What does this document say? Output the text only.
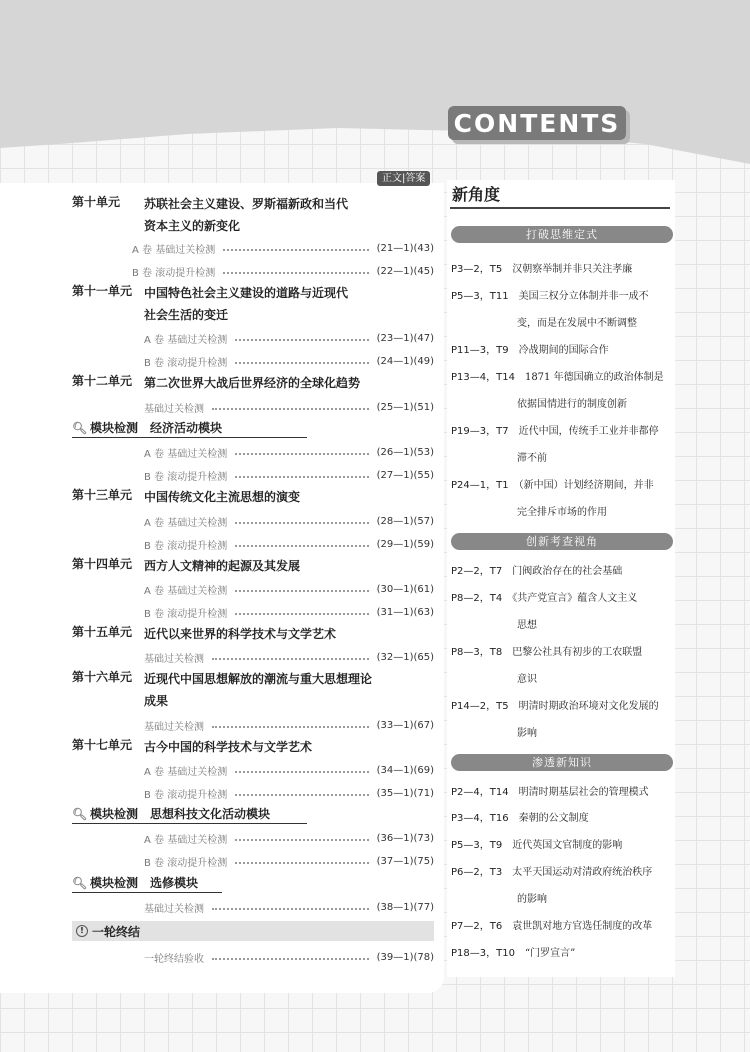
CONTENTS
正文|答案
第十单元 苏联社会主义建设、罗斯福新政和当代
资本主义的新变化
A 卷 基础过关检测	(21—1)(43)
B 卷 滚动提升检测	(22—1)(45)
第十一单元 中国特色社会主义建设的道路与近现代
社会生活的变迁
A 卷 基础过关检测	(23—1)(47)
B 卷 滚动提升检测	(24—1)(49)
第十二单元 第二次世界大战后世界经济的全球化趋势
基础过关检测	(25—1)(51)
🔍︎ 模块检测　经济活动模块
A 卷 基础过关检测	(26—1)(53)
B 卷 滚动提升检测	(27—1)(55)
第十三单元 中国传统文化主流思想的演变
A 卷 基础过关检测	(28—1)(57)
B 卷 滚动提升检测	(29—1)(59)
第十四单元 西方人文精神的起源及其发展
A 卷 基础过关检测	(30—1)(61)
B 卷 滚动提升检测	(31—1)(63)
第十五单元 近代以来世界的科学技术与文学艺术
基础过关检测	(32—1)(65)
第十六单元 近现代中国思想解放的潮流与重大思想理论
成果
基础过关检测	(33—1)(67)
第十七单元 古今中国的科学技术与文学艺术
A 卷 基础过关检测	(34—1)(69)
B 卷 滚动提升检测	(35—1)(71)
🔍︎ 模块检测　思想科技文化活动模块
A 卷 基础过关检测	(36—1)(73)
B 卷 滚动提升检测	(37—1)(75)
🔍︎ 模块检测　选修模块
基础过关检测	(38—1)(77)
! 一轮终结
一轮终结验收	(39—1)(78)
新角度
打破思维定式
P3—2，T5　 汉朝察举制并非只关注孝廉
P5—3，T11　 美国三权分立体制并非一成不
变，而是在发展中不断调整
P11—3，T9　 冷战期间的国际合作
P13—4，T14　 1871 年德国确立的政治体制是
依据国情进行的制度创新
P19—3，T7　 近代中国，传统手工业并非都停
滞不前
P24—1，T1　 （新中国）计划经济期间，并非
完全排斥市场的作用
创新考查视角
P2—2，T7　 门阀政治存在的社会基础
P8—2，T4　 《共产党宣言》蕴含人文主义
思想
P8—3，T8　 巴黎公社具有初步的工农联盟
意识
P14—2，T5　 明清时期政治环境对文化发展的
影响
渗透新知识
P2—4，T14　 明清时期基层社会的管理模式
P3—4，T16　 秦朝的公文制度
P5—3，T9　 近代英国文官制度的影响
P6—2，T3　 太平天国运动对清政府统治秩序
的影响
P7—2，T6　 袁世凯对地方官选任制度的改革
P18—3，T10　 “门罗宣言”
